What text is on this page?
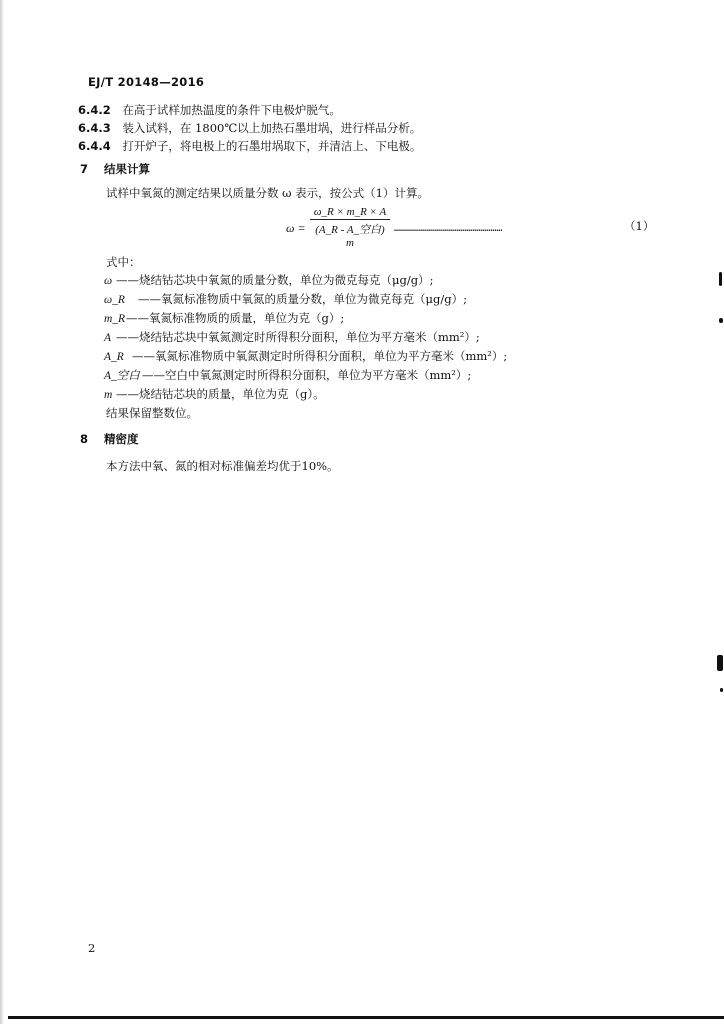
EJ/T 20148—2016
6.4.2 在高于试样加热温度的条件下电极炉脱气。
6.4.3 装入试料，在 1800℃以上加热石墨坩埚，进行样品分析。
6.4.4 打开炉子，将电极上的石墨坩埚取下，并清洁上、下电极。
7 结果计算
试样中氧氮的测定结果以质量分数 ω 表示，按公式（1）计算。
ω =
ω_R × m_R × A
(A_R - A_空白) m
………………………………………………	（1）
式中：
ω ——烧结钴芯块中氧氮的质量分数，单位为微克每克（μg/g）;
ω_R ——氧氮标准物质中氧氮的质量分数，单位为微克每克（μg/g）;
m_R——氧氮标准物质的质量，单位为克（g）;
A ——烧结钴芯块中氧氮测定时所得积分面积，单位为平方毫米（mm²）;
A_R ——氧氮标准物质中氧氮测定时所得积分面积，单位为平方毫米（mm²）;
A_空白 ——空白中氧氮测定时所得积分面积，单位为平方毫米（mm²）;
m ——烧结钴芯块的质量，单位为克（g）。
结果保留整数位。
8 精密度
本方法中氧、氮的相对标准偏差均优于10%。
2
